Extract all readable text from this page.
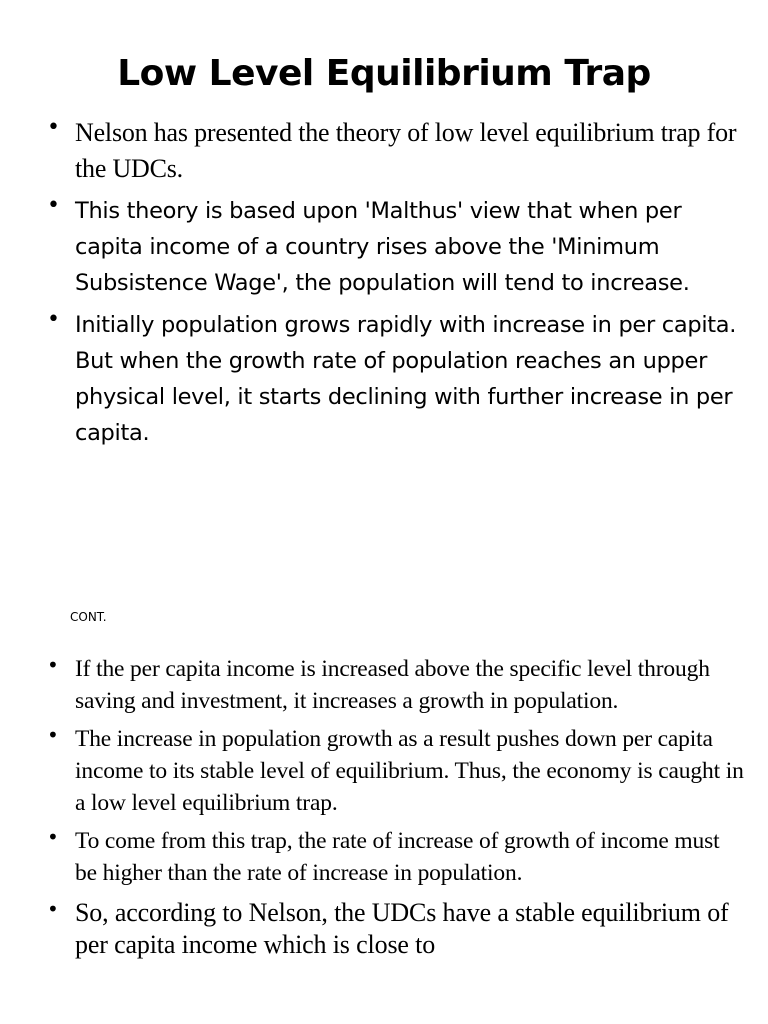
Low Level Equilibrium Trap
• Nelson has presented the theory of low level equilibrium trap for the UDCs.
• This theory is based upon 'Malthus' view that when per capita income of a country rises above the 'Minimum Subsistence Wage', the population will tend to increase.
• Initially population grows rapidly with increase in per capita. But when the growth rate of population reaches an upper physical level, it starts declining with further increase in per capita.

CONT.

• If the per capita income is increased above the specific level through saving and investment, it increases a growth in population.
• The increase in population growth as a result pushes down per capita income to its stable level of equilibrium. Thus, the economy is caught in a low level equilibrium trap.
• To come from this trap, the rate of increase of growth of income must be higher than the rate of increase in population.
• So, according to Nelson, the UDCs have a stable equilibrium of per capita income which is close to
